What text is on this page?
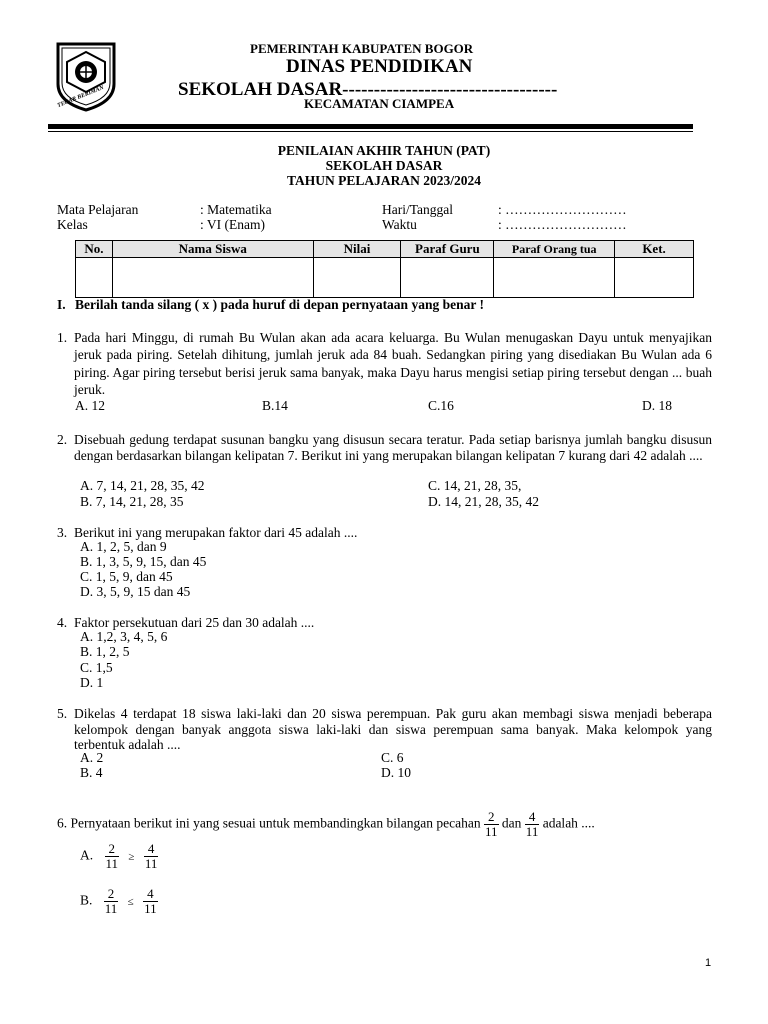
TEGAR BERIMAN
PEMERINTAH KABUPATEN BOGOR
DINAS PENDIDIKAN
SEKOLAH DASAR----------------------------------
KECAMATAN CIAMPEA
PENILAIAN AKHIR TAHUN (PAT)
SEKOLAH DASAR
TAHUN PELAJARAN 2023/2024
Mata Pelajaran	: Matematika	Hari/Tanggal	: ………………………
Kelas	: VI (Enam)	Waktu	: ………………………
No.	Nama Siswa	Nilai	Paraf Guru	Paraf Orang tua	Ket.

I. Berilah tanda silang ( x ) pada huruf di depan pernyataan yang benar !
1. Pada hari Minggu, di rumah Bu Wulan akan ada acara keluarga. Bu Wulan menugaskan Dayu untuk menyajikan jeruk pada piring. Setelah dihitung, jumlah jeruk ada 84 buah. Sedangkan piring yang disediakan Bu Wulan ada 6 piring. Agar piring tersebut berisi jeruk sama banyak, maka Dayu harus mengisi setiap piring tersebut dengan ... buah jeruk.
A. 12	B.14	C.16	D. 18
2. Disebuah gedung terdapat susunan bangku yang disusun secara teratur. Pada setiap barisnya jumlah bangku disusun dengan berdasarkan bilangan kelipatan 7. Berikut ini yang merupakan bilangan kelipatan 7 kurang dari 42 adalah ....
A. 7, 14, 21, 28, 35, 42
B. 7, 14, 21, 28, 35
C. 14, 21, 28, 35,
D. 14, 21, 28, 35, 42
3. Berikut ini yang merupakan faktor dari 45 adalah ....
A. 1, 2, 5, dan 9
B. 1, 3, 5, 9, 15, dan 45
C. 1, 5, 9, dan 45
D. 3, 5, 9, 15 dan 45
4. Faktor persekutuan dari 25 dan 30 adalah ....
A. 1,2, 3, 4, 5, 6
B. 1, 2, 5
C. 1,5
D. 1
5. Dikelas 4 terdapat 18 siswa laki-laki dan 20 siswa perempuan. Pak guru akan membagi siswa menjadi beberapa kelompok dengan banyak anggota siswa laki-laki dan siswa perempuan sama banyak. Maka kelompok yang terbentuk adalah ....
A. 2
B. 4
C. 6
D. 10
6. Pernyataan berikut ini yang sesuai untuk membandingkan bilangan pecahan $\frac{2}{11}$ dan $\frac{4}{11}$ adalah ....
A. $\frac{2}{11} \ge \frac{4}{11}$
B. $\frac{2}{11} \le \frac{4}{11}$
1
